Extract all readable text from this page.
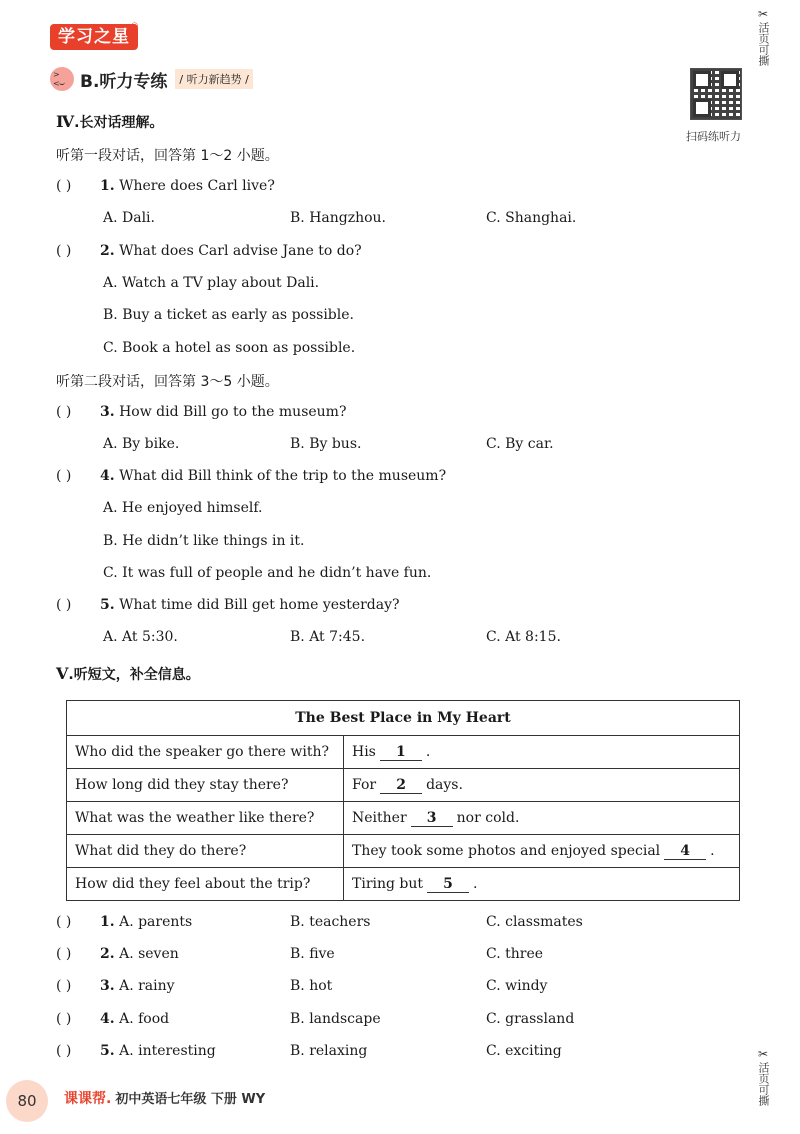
学习之星 ®
> <
B.听力专练	/ 听力新趋势 /
扫码练听力
✂
活页可撕
✂
活页可撕
Ⅳ.长对话理解。
听第一段对话，回答第 1～2 小题。
( ) 1. Where does Carl live?
A. Dali.	B. Hangzhou.	C. Shanghai.
( ) 2. What does Carl advise Jane to do?
A. Watch a TV play about Dali.
B. Buy a ticket as early as possible.
C. Book a hotel as soon as possible.
听第二段对话，回答第 3～5 小题。
( ) 3. How did Bill go to the museum?
A. By bike.	B. By bus.	C. By car.
( ) 4. What did Bill think of the trip to the museum?
A. He enjoyed himself.
B. He didn’t like things in it.
C. It was full of people and he didn’t have fun.
( ) 5. What time did Bill get home yesterday?
A. At 5:30.	B. At 7:45.	C. At 8:15.
Ⅴ.听短文，补全信息。
The Best Place in My Heart	
Who did the speaker go there with?	His 1 .
How long did they stay there?	For 2 days.
What was the weather like there?	Neither 3 nor cold.
What did they do there?	They took some photos and enjoyed special 4 .
How did they feel about the trip?	Tiring but 5 .
( ) 1. A. parents	B. teachers	C. classmates
( ) 2. A. seven	B. five	C. three
( ) 3. A. rainy	B. hot	C. windy
( ) 4. A. food	B. landscape	C. grassland
( ) 5. A. interesting	B. relaxing	C. exciting
80	课课帮. 初中英语七年级 下册 WY
